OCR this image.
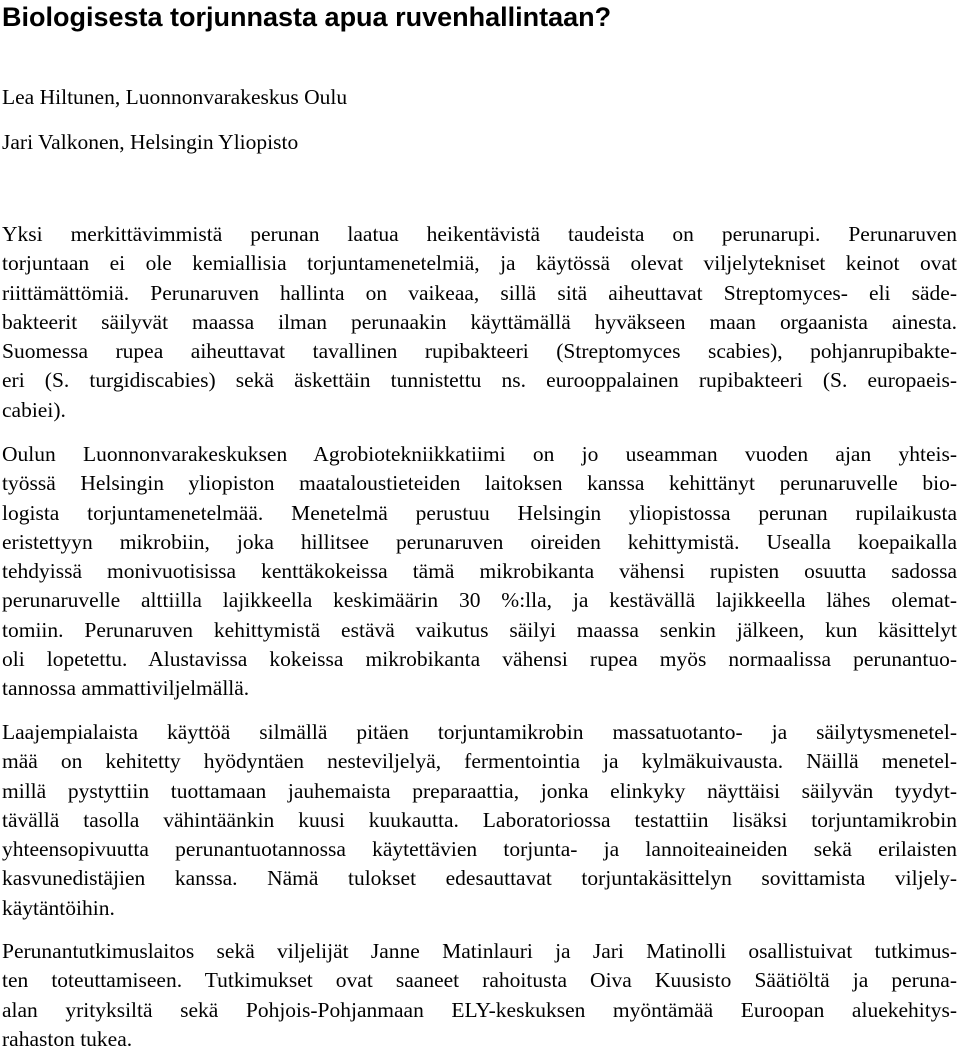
Biologisesta torjunnasta apua ruvenhallintaan?

Lea Hiltunen, Luonnonvarakeskus Oulu

Jari Valkonen, Helsingin Yliopisto

Yksi merkittävimmistä perunan laatua heikentävistä taudeista on perunarupi. Perunaruven
torjuntaan ei ole kemiallisia torjuntamenetelmiä, ja käytössä olevat viljelytekniset keinot ovat
riittämättömiä. Perunaruven hallinta on vaikeaa, sillä sitä aiheuttavat Streptomyces- eli säde-
bakteerit säilyvät maassa ilman perunaakin käyttämällä hyväkseen maan orgaanista ainesta.
Suomessa rupea aiheuttavat tavallinen rupibakteeri (Streptomyces scabies), pohjanrupibakte-
eri (S. turgidiscabies) sekä äskettäin tunnistettu ns. eurooppalainen rupibakteeri (S. europaeis-
cabiei).
Oulun Luonnonvarakeskuksen Agrobiotekniikkatiimi on jo useamman vuoden ajan yhteis-
työssä Helsingin yliopiston maataloustieteiden laitoksen kanssa kehittänyt perunaruvelle bio-
logista torjuntamenetelmää. Menetelmä perustuu Helsingin yliopistossa perunan rupilaikusta
eristettyyn mikrobiin, joka hillitsee perunaruven oireiden kehittymistä. Usealla koepaikalla
tehdyissä monivuotisissa kenttäkokeissa tämä mikrobikanta vähensi rupisten osuutta sadossa
perunaruvelle alttiilla lajikkeella keskimäärin 30 %:lla, ja kestävällä lajikkeella lähes olemat-
tomiin. Perunaruven kehittymistä estävä vaikutus säilyi maassa senkin jälkeen, kun käsittelyt
oli lopetettu. Alustavissa kokeissa mikrobikanta vähensi rupea myös normaalissa perunantuo-
tannossa ammattiviljelmällä.
Laajempialaista käyttöä silmällä pitäen torjuntamikrobin massatuotanto- ja säilytysmenetel-
mää on kehitetty hyödyntäen nesteviljelyä, fermentointia ja kylmäkuivausta. Näillä menetel-
millä pystyttiin tuottamaan jauhemaista preparaattia, jonka elinkyky näyttäisi säilyvän tyydyt-
tävällä tasolla vähintäänkin kuusi kuukautta. Laboratoriossa testattiin lisäksi torjuntamikrobin
yhteensopivuutta perunantuotannossa käytettävien torjunta- ja lannoiteaineiden sekä erilaisten
kasvunedistäjien kanssa. Nämä tulokset edesauttavat torjuntakäsittelyn sovittamista viljely-
käytäntöihin.
Perunantutkimuslaitos sekä viljelijät Janne Matinlauri ja Jari Matinolli osallistuivat tutkimus-
ten toteuttamiseen. Tutkimukset ovat saaneet rahoitusta Oiva Kuusisto Säätiöltä ja peruna-
alan yrityksiltä sekä Pohjois-Pohjanmaan ELY-keskuksen myöntämää Euroopan aluekehitys-
rahaston tukea.
